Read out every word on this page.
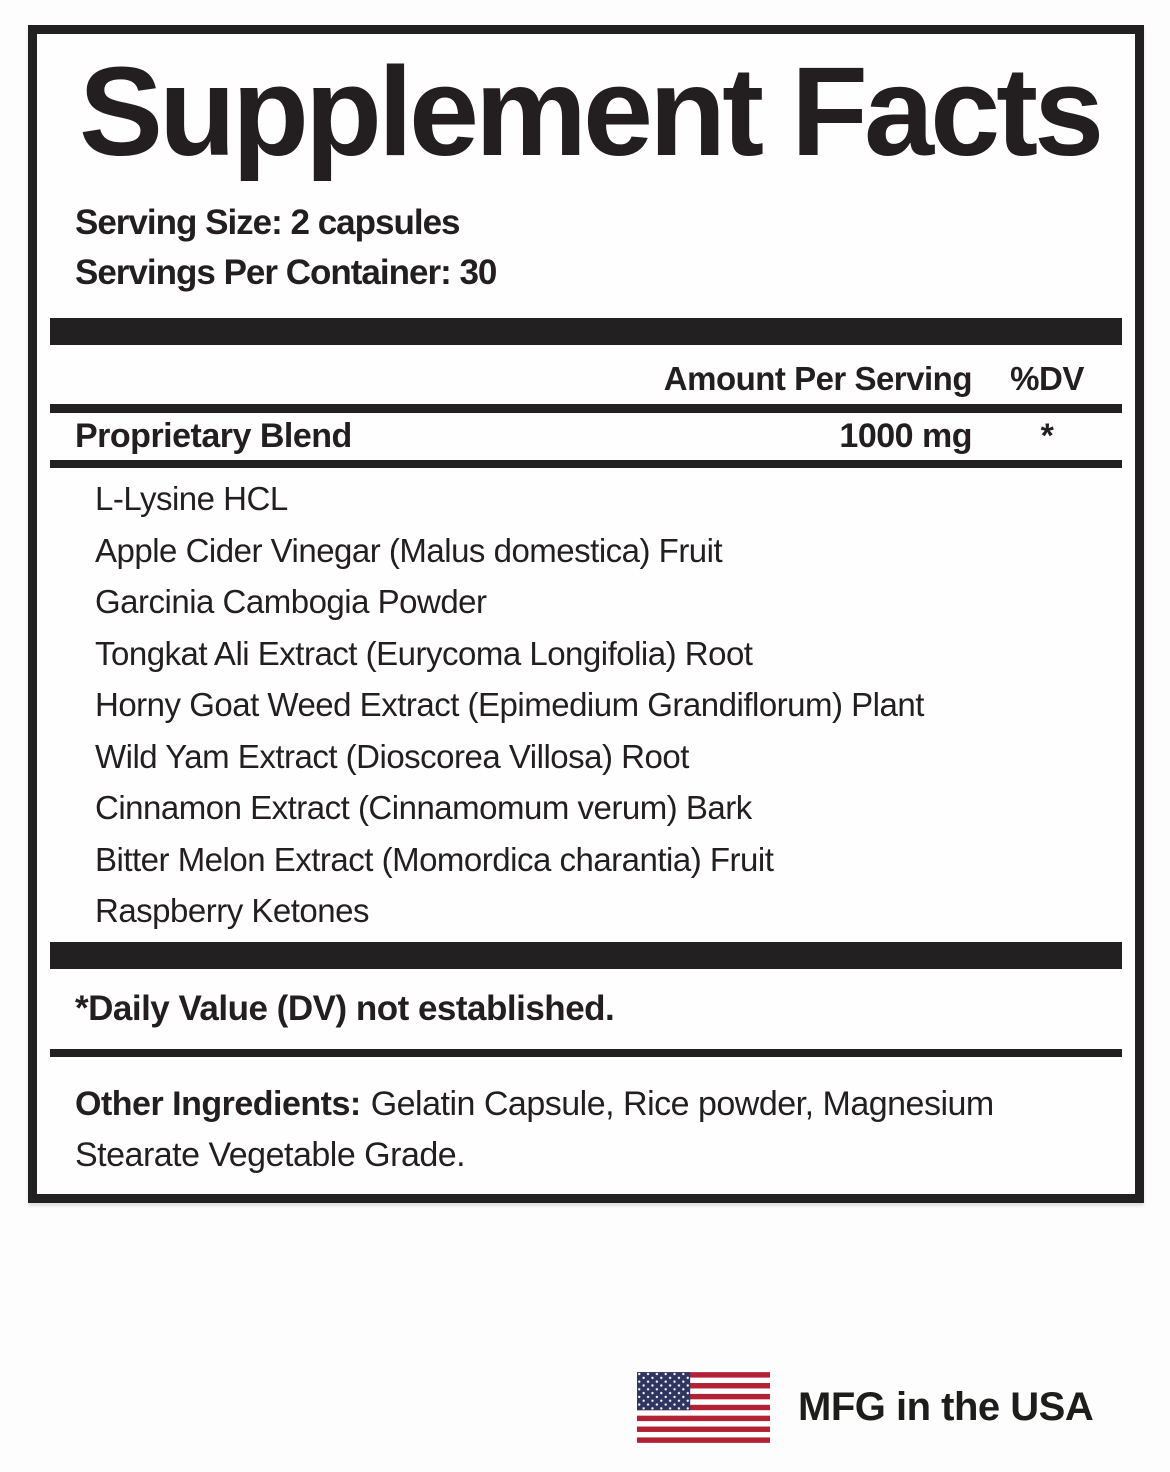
Supplement Facts
Serving Size: 2 capsules
Servings Per Container: 30
Amount Per Serving	%DV
Proprietary Blend	1000 mg	*
L-Lysine HCL
Apple Cider Vinegar (Malus domestica) Fruit
Garcinia Cambogia Powder
Tongkat Ali Extract (Eurycoma Longifolia) Root
Horny Goat Weed Extract (Epimedium Grandiflorum) Plant
Wild Yam Extract (Dioscorea Villosa) Root
Cinnamon Extract (Cinnamomum verum) Bark
Bitter Melon Extract (Momordica charantia) Fruit
Raspberry Ketones
*Daily Value (DV) not established.

Other Ingredients: Gelatin Capsule, Rice powder, Magnesium Stearate Vegetable Grade.

MFG in the USA
